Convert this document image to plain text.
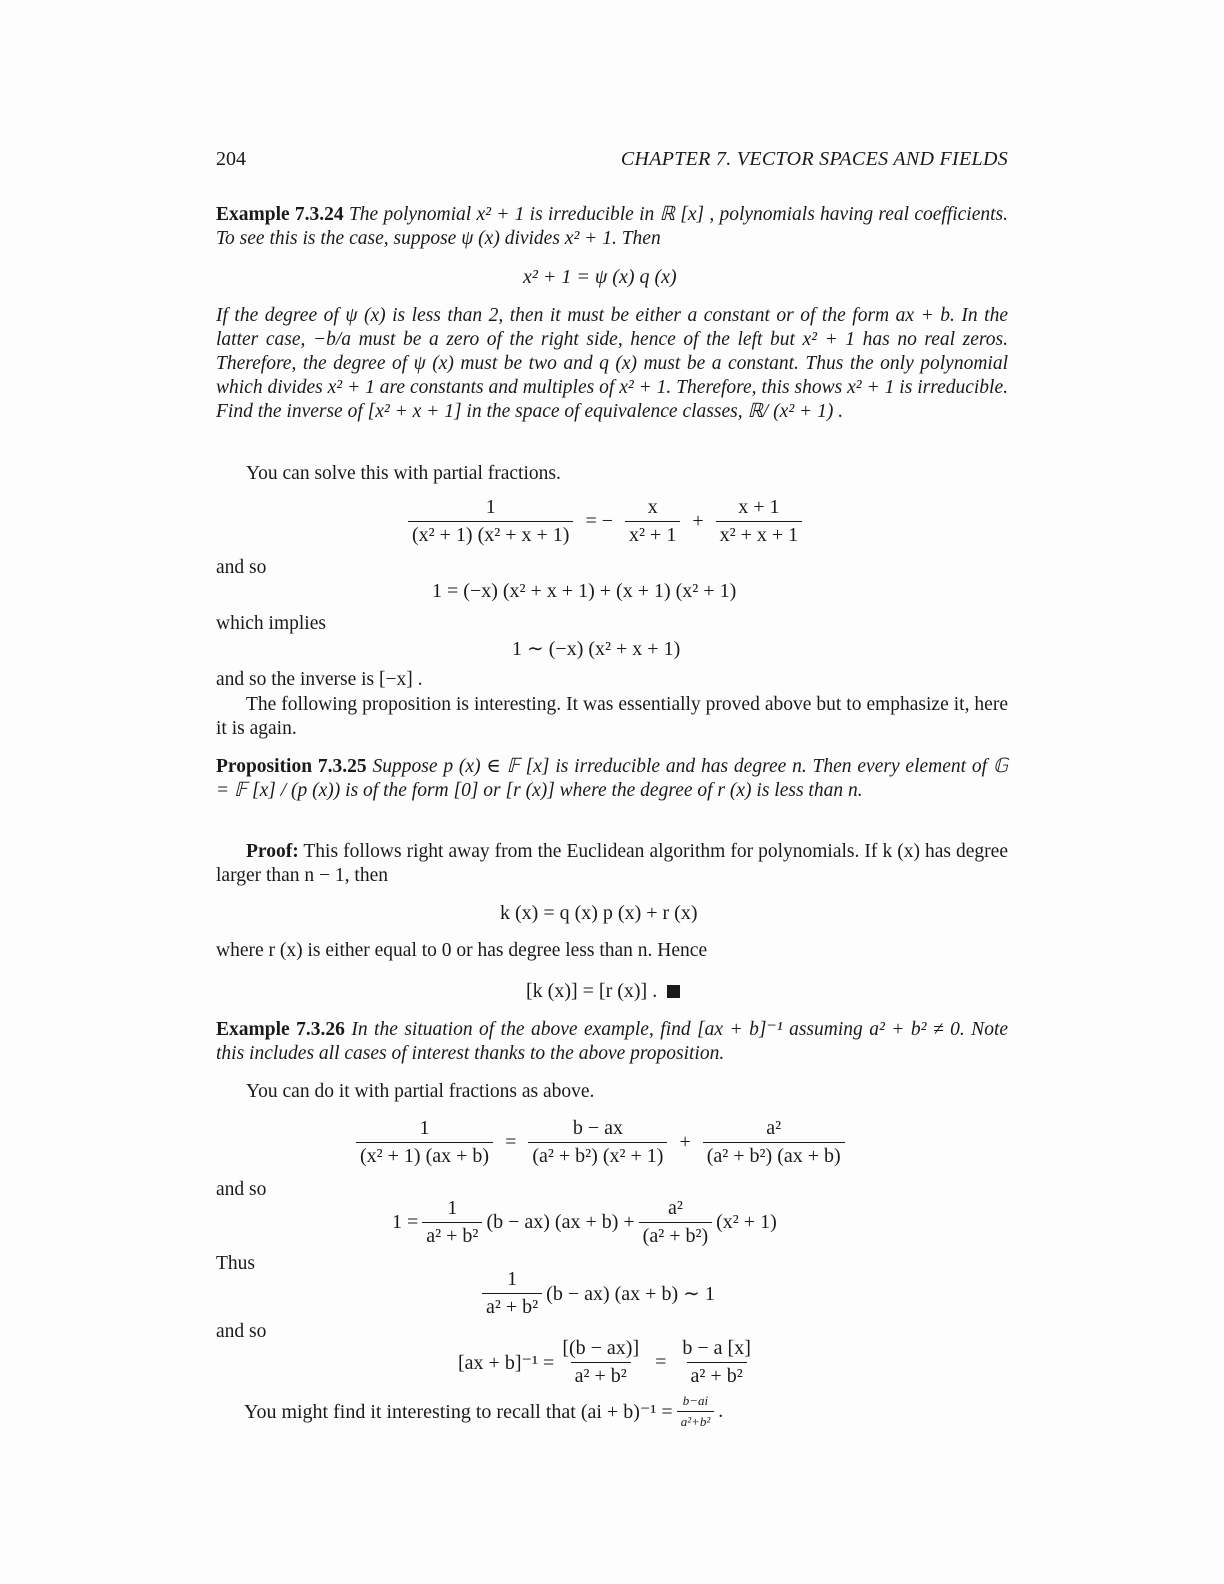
204	CHAPTER 7. VECTOR SPACES AND FIELDS
Example 7.3.24 The polynomial x² + 1 is irreducible in ℝ [x] , polynomials having real coefficients. To see this is the case, suppose ψ (x) divides x² + 1. Then
x² + 1 = ψ (x) q (x)
If the degree of ψ (x) is less than 2, then it must be either a constant or of the form ax + b. In the latter case, −b/a must be a zero of the right side, hence of the left but x² + 1 has no real zeros. Therefore, the degree of ψ (x) must be two and q (x) must be a constant. Thus the only polynomial which divides x² + 1 are constants and multiples of x² + 1. Therefore, this shows x² + 1 is irreducible. Find the inverse of [x² + x + 1] in the space of equivalence classes, ℝ/ (x² + 1) .
You can solve this with partial fractions.
$\frac{1}{\text{(x² + 1) (x² + x + 1)}}$ = − $\frac{x}{\text{x² + 1}} + \frac{x + 1}{\text{x² + x + 1}}$
and so
1 = (−x) (x² + x + 1) + (x + 1) (x² + 1)
which implies
1 ∼ (−x) (x² + x + 1)
and so the inverse is [−x] .
The following proposition is interesting. It was essentially proved above but to emphasize it, here it is again.
Proposition 7.3.25 Suppose p (x) ∈ 𝔽 [x] is irreducible and has degree n. Then every element of 𝔾 = 𝔽 [x] / (p (x)) is of the form [0] or [r (x)] where the degree of r (x) is less than n.
Proof: This follows right away from the Euclidean algorithm for polynomials. If k (x) has degree larger than n − 1, then
k (x) = q (x) p (x) + r (x)
where r (x) is either equal to 0 or has degree less than n. Hence
[k (x)] = [r (x)] .
Example 7.3.26 In the situation of the above example, find [ax + b]⁻¹ assuming a² + b² ≠ 0. Note this includes all cases of interest thanks to the above proposition.
You can do it with partial fractions as above.
$\frac{1}{\text{(x² + 1) (ax + b)}} = \frac{b - ax}{\text{(a² + b²) (x² + 1)}} + \frac{\text{a²}}{\text{(a² + b²) (ax + b)}}$
and so
$1 = \frac{1}{\text{a² + b²}} (b - ax) (ax + b) + \frac{\text{a²}}{\text{(a² + b²)}} (x^2 + 1)$
Thus
$\frac{1}{\text{a² + b²}} (b - ax) (ax + b)$ ∼ 1
and so
$[ax + b]^{-1} = \frac{[(b - ax)]}{\text{a² + b²}} = \frac{b - a [x]}{\text{a² + b²}}$
You might find it interesting to recall that $(ai + b)^{-1} = \frac{b-ai}{\text{a²+b²}}$ .
